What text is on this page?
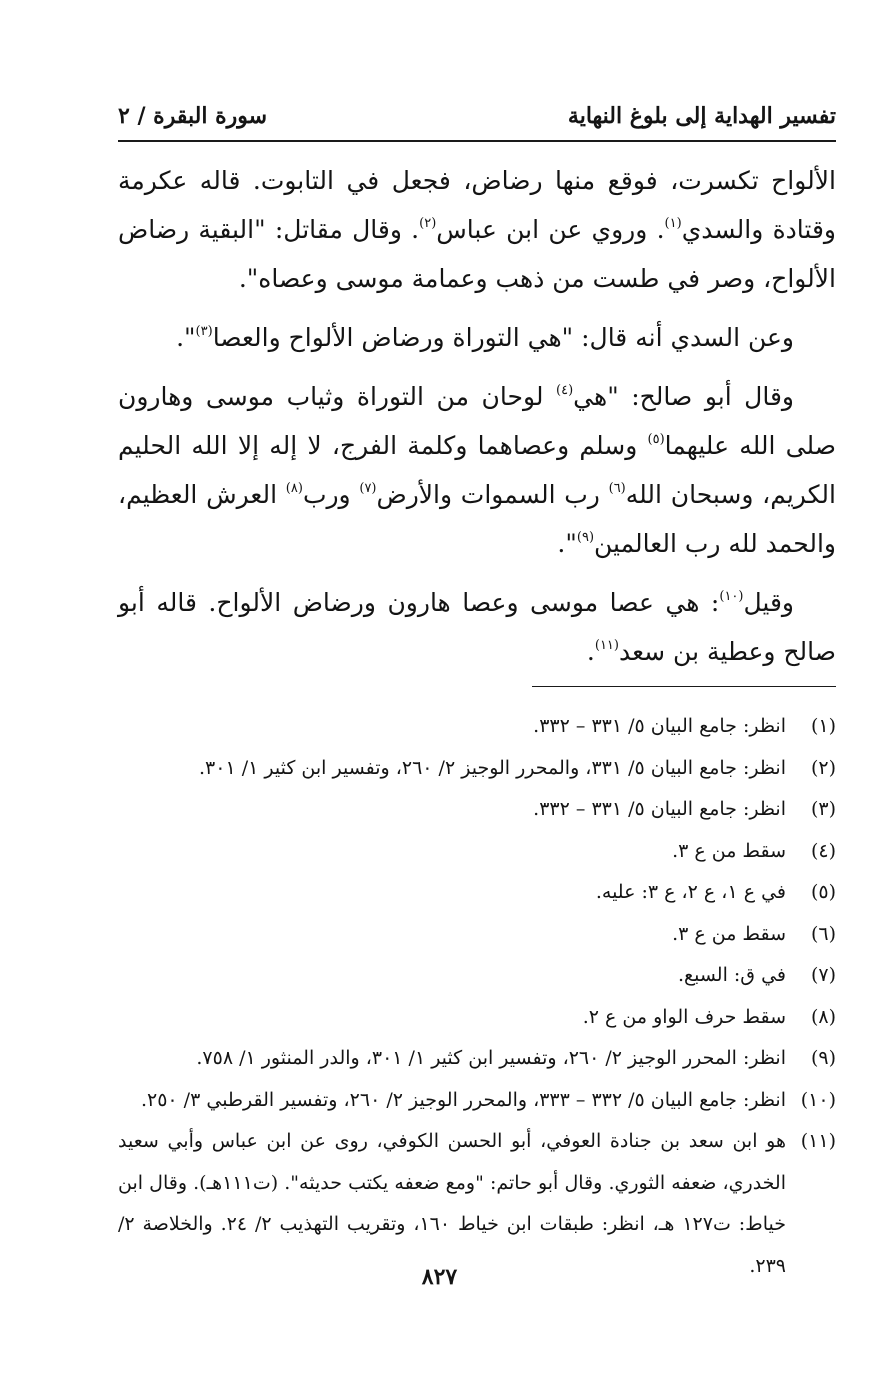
تفسير الهداية إلى بلوغ النهاية
سورة البقرة / ٢

الألواح تكسرت، فوقع منها رضاض، فجعل في التابوت. قاله عكرمة وقتادة والسدي$^{(١)}$. وروي عن ابن عباس$^{(٢)}$. وقال مقاتل: "البقية رضاض الألواح، وصر في طست من ذهب وعمامة موسى وعصاه".

وعن السدي أنه قال: "هي التوراة ورضاض الألواح والعصا$^{(٣)}$".

وقال أبو صالح: "هي$^{(٤)}$ لوحان من التوراة وثياب موسى وهارون صلى الله عليهما$^{(٥)}$ وسلم وعصاهما وكلمة الفرج، لا إله إلا الله الحليم الكريم، وسبحان الله$^{(٦)}$ رب السموات والأرض$^{(٧)}$ ورب$^{(٨)}$ العرش العظيم، والحمد لله رب العالمين$^{(٩)}$".

وقيل$^{(١٠)}$: هي عصا موسى وعصا هارون ورضاض الألواح. قاله أبو صالح وعطية بن سعد$^{(١١)}$.

(١)
انظر: جامع البيان ٥/ ٣٣١ – ٣٣٢.
(٢)
انظر: جامع البيان ٥/ ٣٣١، والمحرر الوجيز ٢/ ٢٦٠، وتفسير ابن كثير ١/ ٣٠١.
(٣)
انظر: جامع البيان ٥/ ٣٣١ – ٣٣٢.
(٤)
سقط من ع ٣.
(٥)
في ع ١، ع ٢، ع ٣: عليه.
(٦)
سقط من ع ٣.
(٧)
في ق: السبع.
(٨)
سقط حرف الواو من ع ٢.
(٩)
انظر: المحرر الوجيز ٢/ ٢٦٠، وتفسير ابن كثير ١/ ٣٠١، والدر المنثور ١/ ٧٥٨.
(١٠)
انظر: جامع البيان ٥/ ٣٣٢ – ٣٣٣، والمحرر الوجيز ٢/ ٢٦٠، وتفسير القرطبي ٣/ ٢٥٠.
(١١)
هو ابن سعد بن جنادة العوفي، أبو الحسن الكوفي، روى عن ابن عباس وأبي سعيد الخدري، ضعفه الثوري. وقال أبو حاتم: "ومع ضعفه يكتب حديثه". (ت١١١هـ). وقال ابن خياط: ت١٢٧ هـ، انظر: طبقات ابن خياط ١٦٠، وتقريب التهذيب ٢/ ٢٤. والخلاصة ٢/ ٢٣٩.
٨٢٧
